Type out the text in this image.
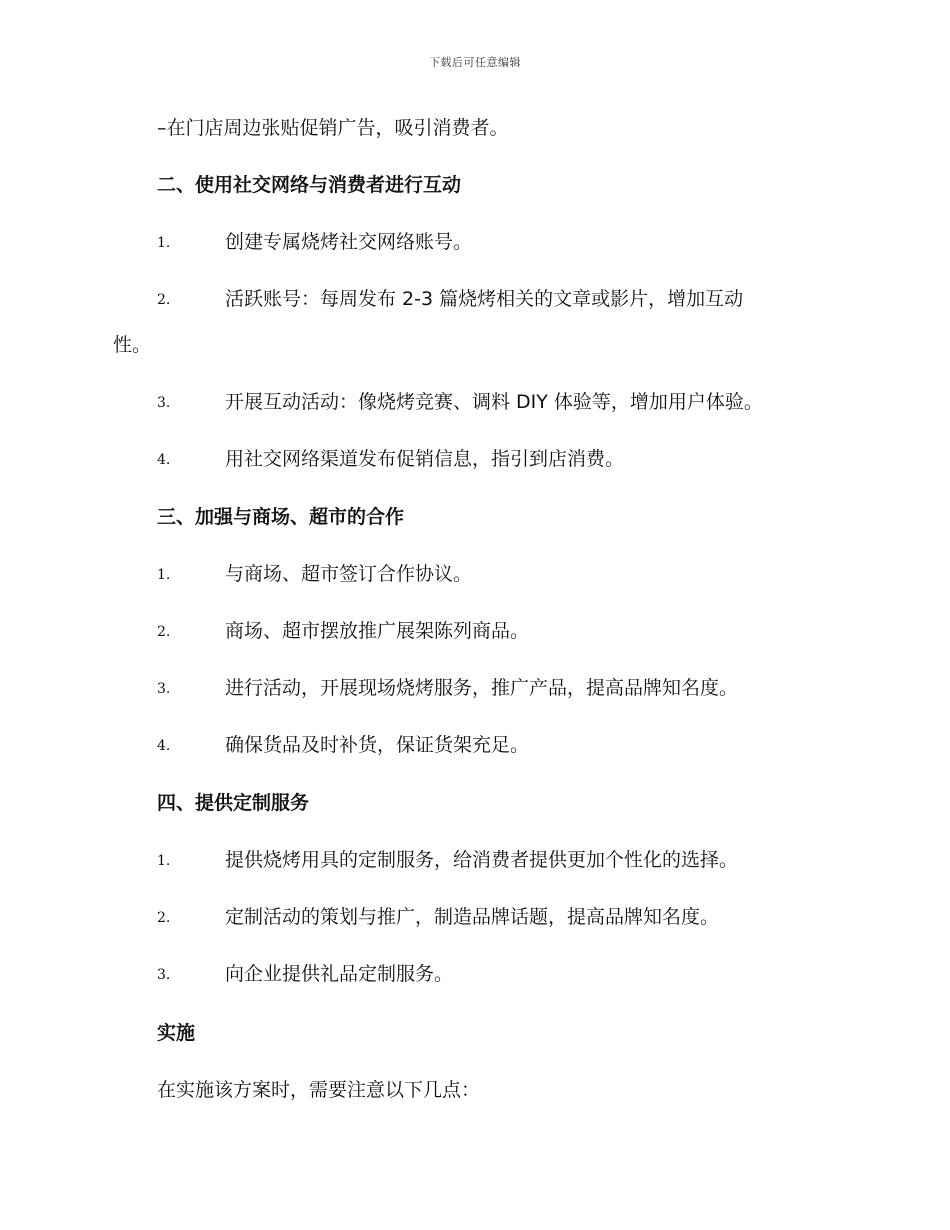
下载后可任意编辑
–在门店周边张贴促销广告，吸引消费者。
二、使用社交网络与消费者进行互动
1.	创建专属烧烤社交网络账号。
2.	活跃账号：每周发布 2-3 篇烧烤相关的文章或影片，增加互动
性。
3.	开展互动活动：像烧烤竞赛、调料 DIY 体验等，增加用户体验。
4.	用社交网络渠道发布促销信息，指引到店消费。
三、加强与商场、超市的合作
1.	与商场、超市签订合作协议。
2.	商场、超市摆放推广展架陈列商品。
3.	进行活动，开展现场烧烤服务，推广产品，提高品牌知名度。
4.	确保货品及时补货，保证货架充足。
四、提供定制服务
1.	提供烧烤用具的定制服务，给消费者提供更加个性化的选择。
2.	定制活动的策划与推广，制造品牌话题，提高品牌知名度。
3.	向企业提供礼品定制服务。
实施
在实施该方案时，需要注意以下几点：
